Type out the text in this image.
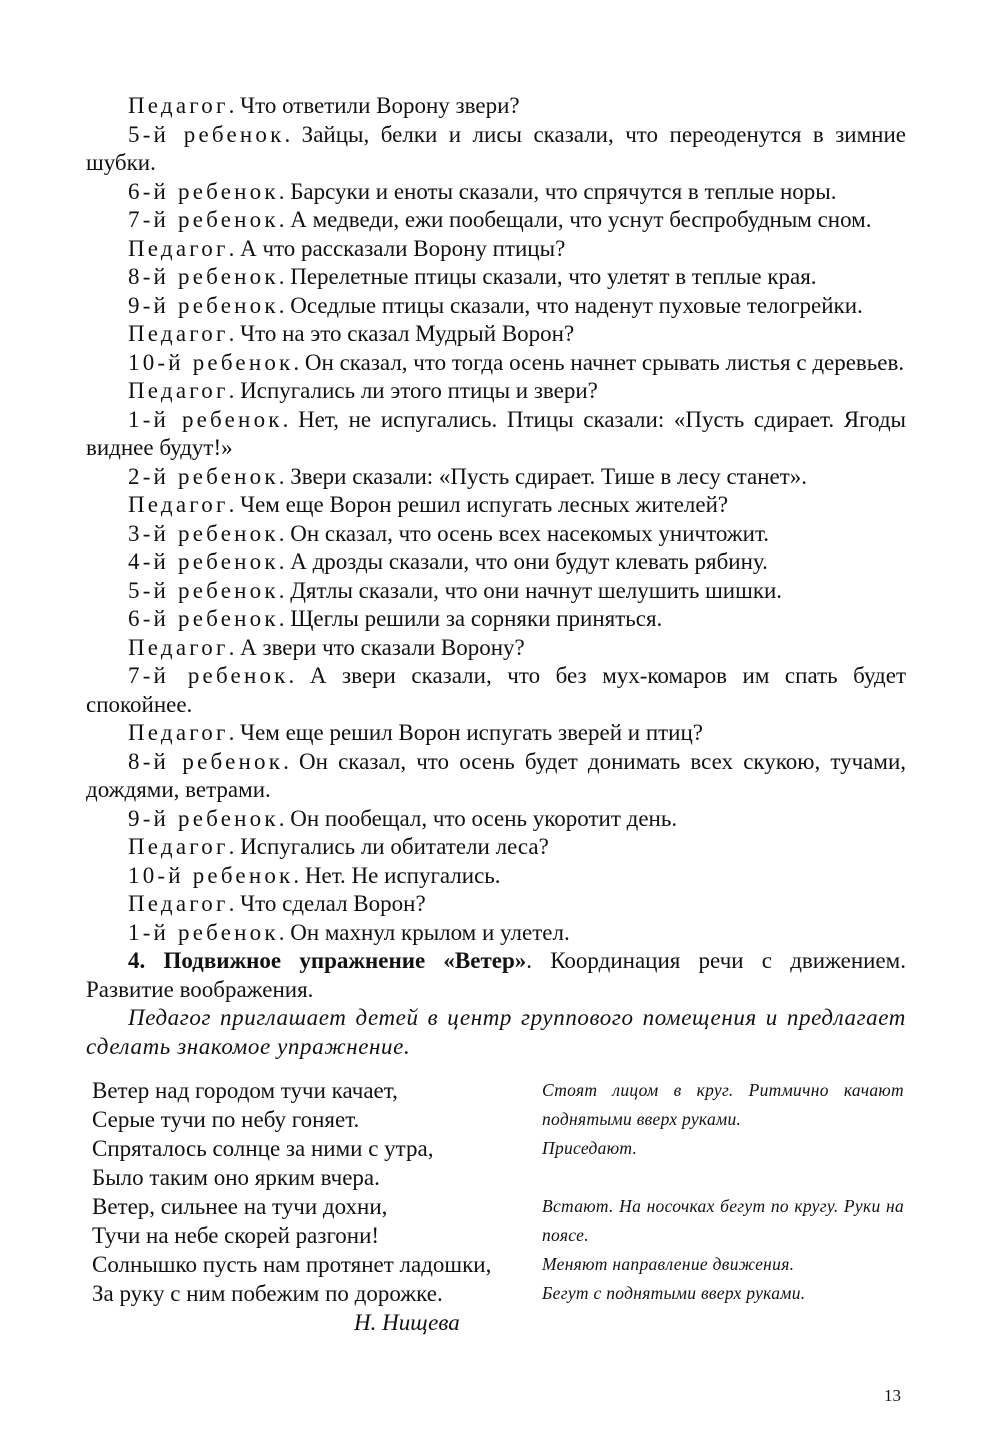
Педагог. Что ответили Ворону звери?

5-й ребенок. Зайцы, белки и лисы сказали, что переоденутся в зимние шубки.

6-й ребенок. Барсуки и еноты сказали, что спрячутся в теплые норы.

7-й ребенок. А медведи, ежи пообещали, что уснут беспробудным сном.

Педагог. А что рассказали Ворону птицы?

8-й ребенок. Перелетные птицы сказали, что улетят в теплые края.

9-й ребенок. Оседлые птицы сказали, что наденут пуховые телогрейки.

Педагог. Что на это сказал Мудрый Ворон?

10-й ребенок. Он сказал, что тогда осень начнет срывать листья с деревьев.

Педагог. Испугались ли этого птицы и звери?

1-й ребенок. Нет, не испугались. Птицы сказали: «Пусть сдирает. Ягоды виднее будут!»

2-й ребенок. Звери сказали: «Пусть сдирает. Тише в лесу станет».

Педагог. Чем еще Ворон решил испугать лесных жителей?

3-й ребенок. Он сказал, что осень всех насекомых уничтожит.

4-й ребенок. А дрозды сказали, что они будут клевать рябину.

5-й ребенок. Дятлы сказали, что они начнут шелушить шишки.

6-й ребенок. Щеглы решили за сорняки приняться.

Педагог. А звери что сказали Ворону?

7-й ребенок. А звери сказали, что без мух-комаров им спать будет спокойнее.

Педагог. Чем еще решил Ворон испугать зверей и птиц?

8-й ребенок. Он сказал, что осень будет донимать всех скукою, тучами, дождями, ветрами.

9-й ребенок. Он пообещал, что осень укоротит день.

Педагог. Испугались ли обитатели леса?

10-й ребенок. Нет. Не испугались.

Педагог. Что сделал Ворон?

1-й ребенок. Он махнул крылом и улетел.

4. Подвижное упражнение «Ветер». Координация речи с движением. Развитие воображения.

Педагог приглашает детей в центр группового помещения и предлагает сделать знакомое упражнение.

Ветер над городом тучи качает,
Серые тучи по небу гоняет.
Спряталось солнце за ними с утра,
Было таким оно ярким вчера.
Ветер, сильнее на тучи дохни,
Тучи на небе скорей разгони!
Солнышко пусть нам протянет ладошки,
За руку с ним побежим по дорожке.
Н. Нищева
Стоят лицом в круг. Ритмично качают поднятыми вверх руками.
Приседают.
Встают. На носочках бегут по кругу. Руки на поясе.
Меняют направление движения.
Бегут с поднятыми вверх руками.
13
